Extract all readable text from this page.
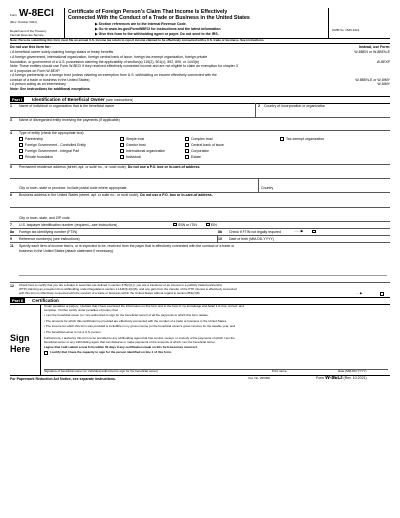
Form W-8ECI
(Rev. October 2021)
Department of the Treasury
Internal Revenue Service
Certificate of Foreign Person's Claim That Income Is Effectively
Connected With the Conduct of a Trade or Business in the United States
▶ Section references are to the Internal Revenue Code.
▶ Go to www.irs.gov/FormW8ECI for instructions and the latest information.
▶ Give this form to the withholding agent or payer. Do not send to the IRS.
OMB No. 1545-1621
Note: Persons submitting this form must file an annual U.S. income tax return to report income claimed to be effectively connected with a U.S. trade or business. See instructions.
Do not use this form for:	Instead, use Form:
• A beneficial owner solely claiming foreign status or treaty benefits	W-8BEN or W-8BEN-E
• A foreign government, international organization, foreign central bank of issue, foreign tax-exempt organization, foreign private
foundation, or government of a U.S. possession claiming the applicability of section(s) 115(2), 501(c), 892, 895, or 1443(b)	W-8EXP
Note: These entities should use Form W-8ECI if they received effectively connected income and are not eligible to claim an exemption for chapter 3
or 4 purposes on Form W-8EXP.
• A foreign partnership or a foreign trust (unless claiming an exemption from U.S. withholding on income effectively connected with the
conduct of a trade or business in the United States)	W-8BEN-E or W-8IMY
• A person acting as an intermediary	W-8IMY
Note: See instructions for additional exceptions.
Part I	Identification of Beneficial Owner (see instructions)
1 Name of individual or organization that is the beneficial owner	2 Country of incorporation or organization
3 Name of disregarded entity receiving the payments (if applicable)
4 Type of entity (check the appropriate box):
Partnership	Simple trust	Complex trust	Tax-exempt organization
Foreign Government - Controlled Entity	Grantor trust	Central bank of issue
Foreign Government - Integral Part	International organization	Corporation
Private foundation	Individual	Estate
5 Permanent residence address (street, apt. or suite no., or rural route). Do not use a P.O. box or in-care-of address.
City or town, state or province. Include postal code where appropriate.	Country
6 Business address in the United States (street, apt. or suite no., or rural route). Do not use a P.O. box or in-care-of address.
City or town, state, and ZIP code
7 U.S. taxpayer identification number (required—see instructions)	SSN or ITIN	EIN
8a Foreign tax identifying number (FTIN)	8b Check if FTIN not legally required	.......▶
9 Reference number(s) (see instructions)	10 Date of birth (MM-DD-YYYY)
11 Specify each item of income that is, or is expected to be, received from the payer that is effectively connected with the conduct of a trade or
business in the United States (attach statement if necessary).
12 Check here to certify that you are a dealer in securities (as defined in section 475(c)(1)), you are a transferor of an interest in a publicly traded partnership
(PTP) claiming an exception from withholding under Regulations section 1.1446(f)-4(b)(6), and any gain from the transfer of the PTP interest is effectively connected
with this form is effectively connected with the conduct of a trade or business within the United States without regard to section 864(c)(8)	.....▶
Part II	Certification
Sign
Here
Under penalties of perjury, I declare that I have examined the information on this form and to the best of my knowledge and belief it is true, correct, and
complete. I further certify under penalties of perjury that:
• I am the beneficial owner (or I am authorized to sign for the beneficial owner) of all the payments to which this form relates.
• The amounts for which this certification is provided are effectively connected with the conduct of a trade or business in the United States.
• The income for which this form was provided is includible in my gross income (or the beneficial owner's gross income) for the taxable year, and
• The beneficial owner is not a U.S. person.
Furthermore, I authorize this form to be provided to any withholding agent that has control, receipt, or custody of the payments of which I am the
beneficial owner or any withholding agent that can disburse or make payments of the amounts of which I am the beneficial owner.
I agree that I will submit a new form within 30 days if any certification made on this form becomes incorrect.
I certify that I have the capacity to sign for the person identified on line 1 of this form.
Signature of beneficial owner (or individual authorized to sign for the beneficial owner)	Print name	Date (MM-DD-YYYY)
For Paperwork Reduction Act Notice, see separate instructions.	Cat. No. 25045D	Form W-8ECI (Rev. 10-2021)
